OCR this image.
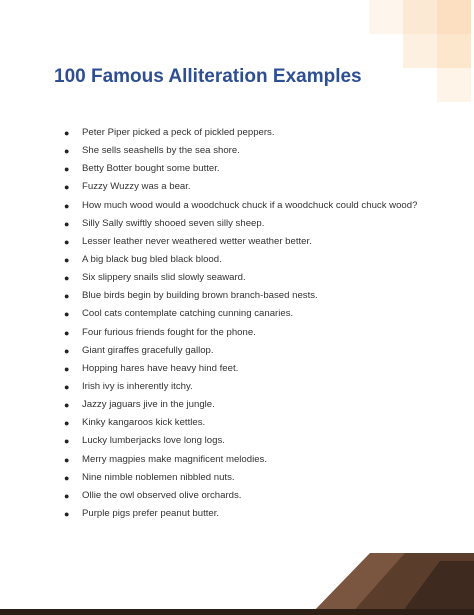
100 Famous Alliteration Examples
● Peter Piper picked a peck of pickled peppers.
● She sells seashells by the sea shore.
● Betty Botter bought some butter.
● Fuzzy Wuzzy was a bear.
● How much wood would a woodchuck chuck if a woodchuck could chuck wood?
● Silly Sally swiftly shooed seven silly sheep.
● Lesser leather never weathered wetter weather better.
● A big black bug bled black blood.
● Six slippery snails slid slowly seaward.
● Blue birds begin by building brown branch-based nests.
● Cool cats contemplate catching cunning canaries.
● Four furious friends fought for the phone.
● Giant giraffes gracefully gallop.
● Hopping hares have heavy hind feet.
● Irish ivy is inherently itchy.
● Jazzy jaguars jive in the jungle.
● Kinky kangaroos kick kettles.
● Lucky lumberjacks love long logs.
● Merry magpies make magnificent melodies.
● Nine nimble noblemen nibbled nuts.
● Ollie the owl observed olive orchards.
● Purple pigs prefer peanut butter.
